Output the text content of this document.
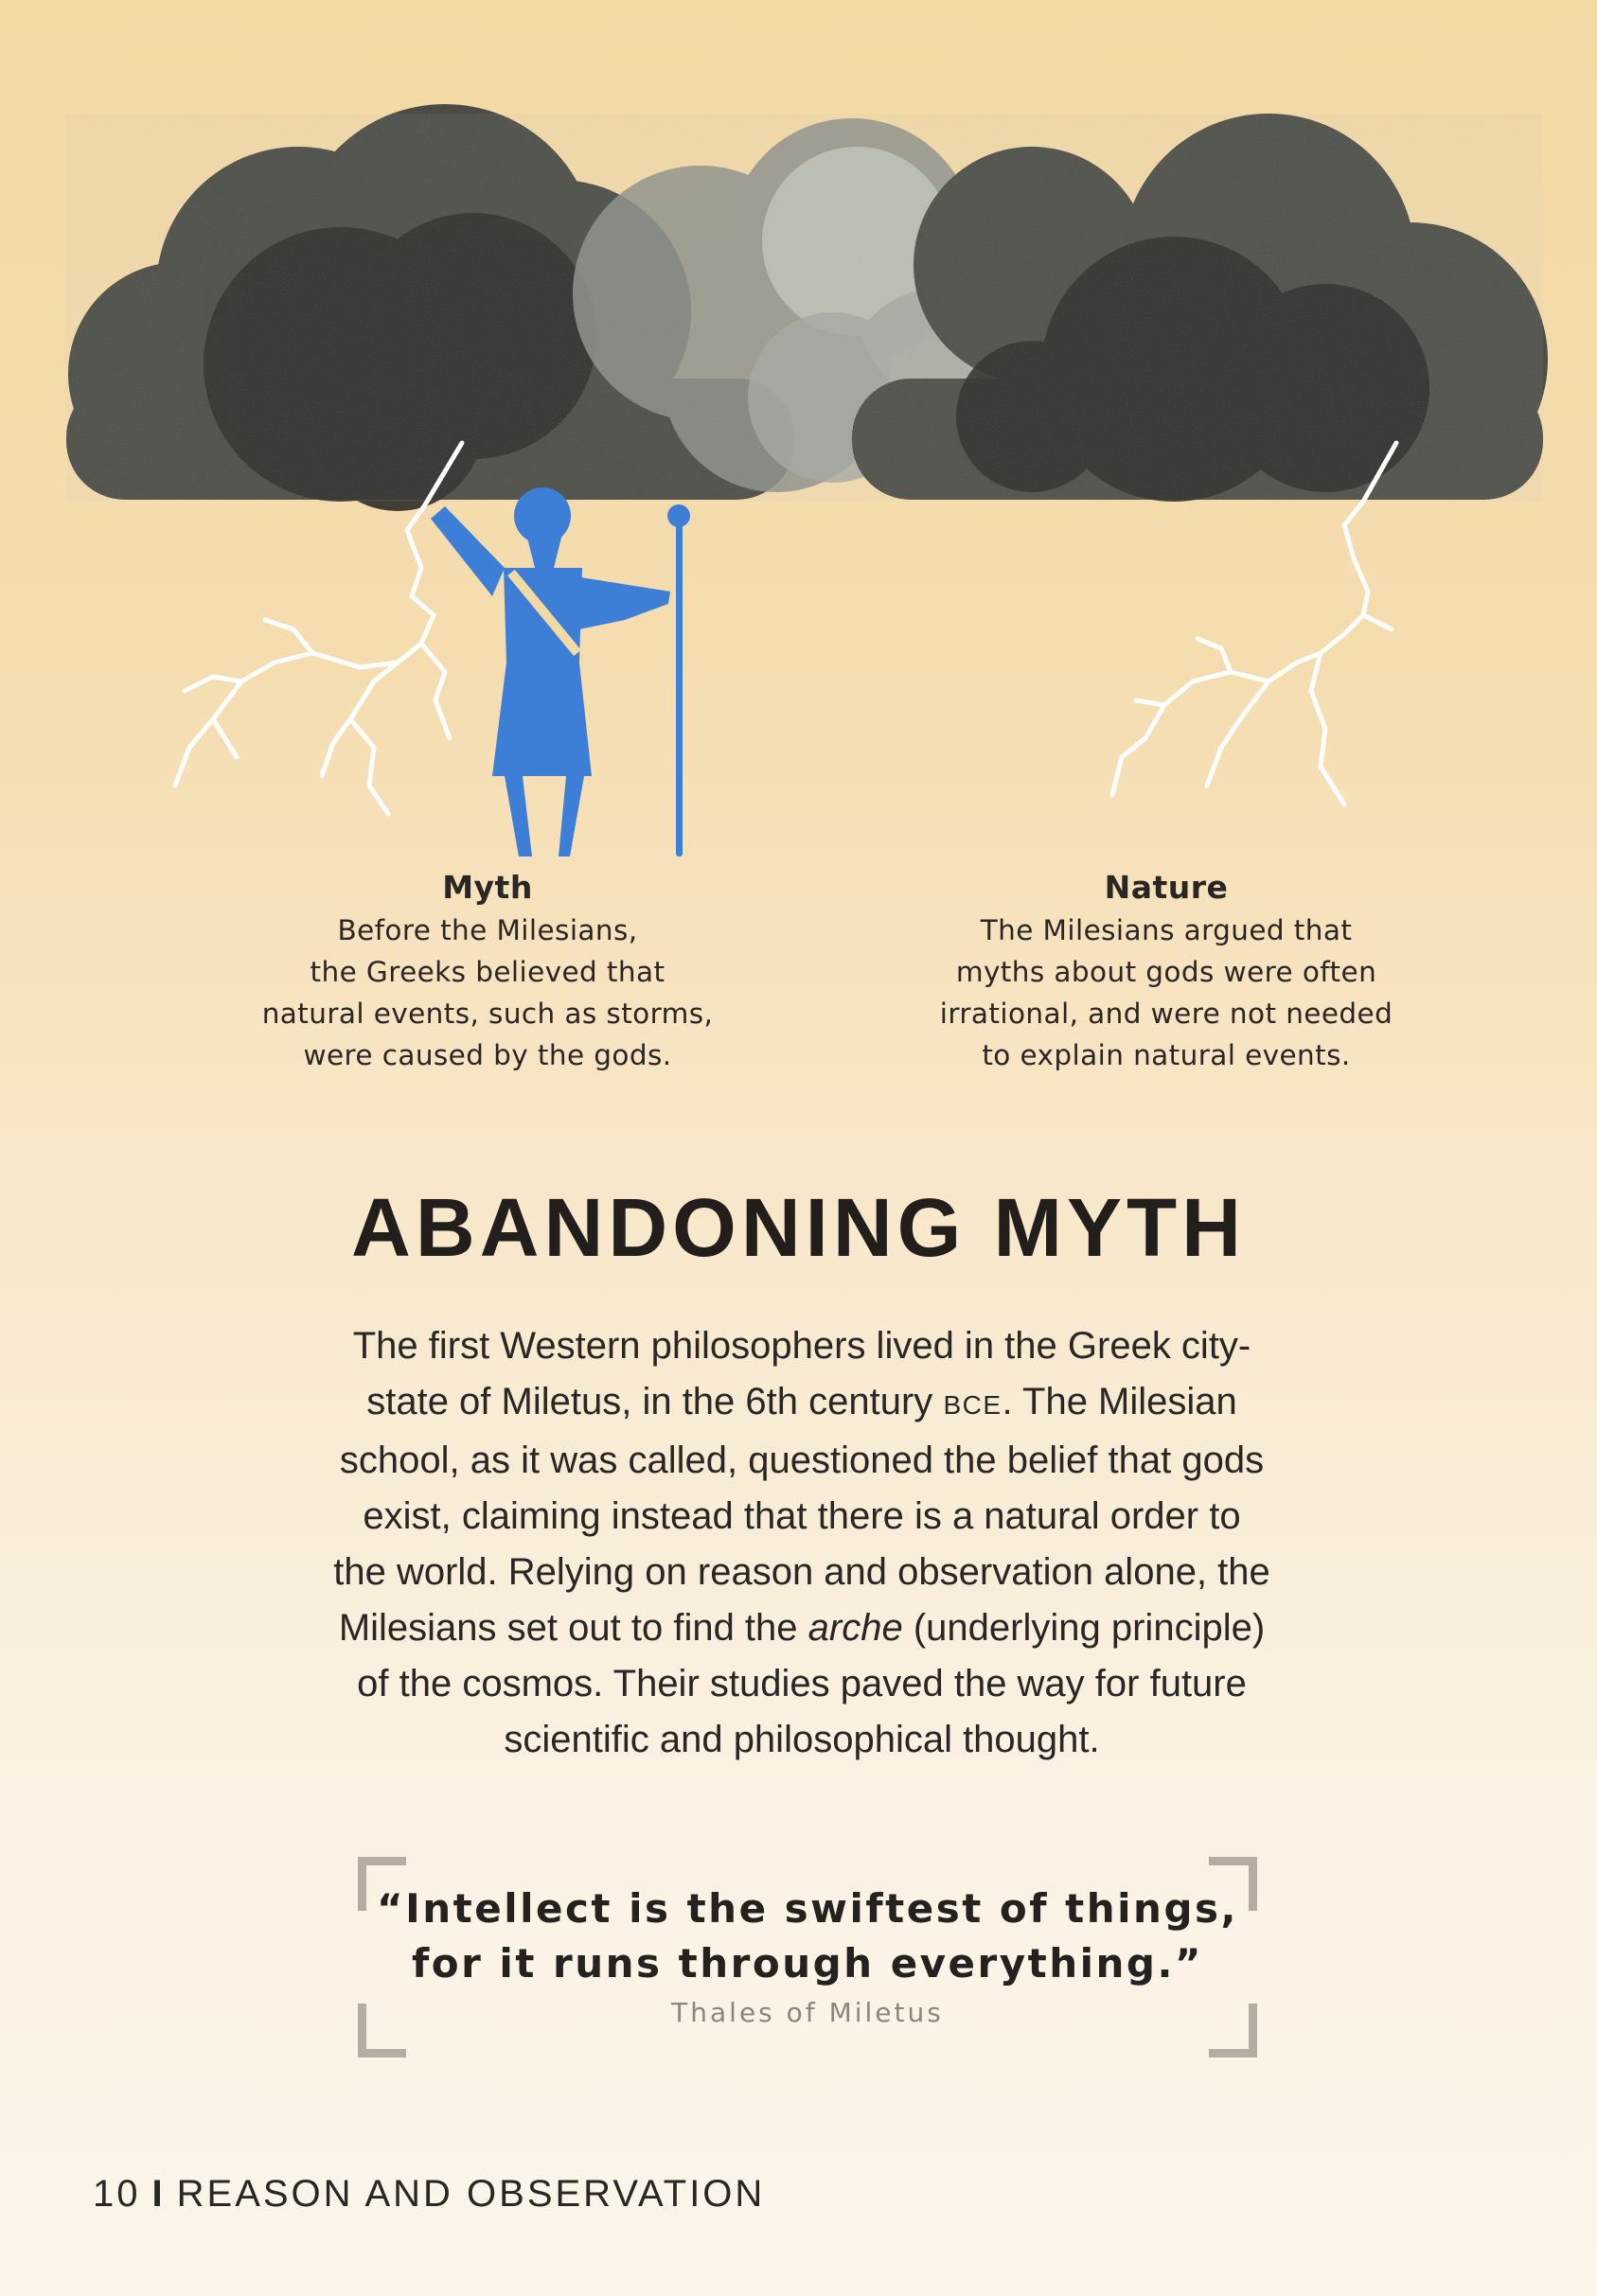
Myth
Before the Milesians,
the Greeks believed that
natural events, such as storms,
were caused by the gods.
Nature
The Milesians argued that
myths about gods were often
irrational, and were not needed
to explain natural events.
ABANDONING MYTH
The first Western philosophers lived in the Greek city-
state of Miletus, in the 6th century BCE. The Milesian
school, as it was called, questioned the belief that gods
exist, claiming instead that there is a natural order to
the world. Relying on reason and observation alone, the
Milesians set out to find the arche (underlying principle)
of the cosmos. Their studies paved the way for future
scientific and philosophical thought.
“Intellect is the swiftest of things,
for it runs through everything.”
Thales of Miletus
10 I REASON AND OBSERVATION
